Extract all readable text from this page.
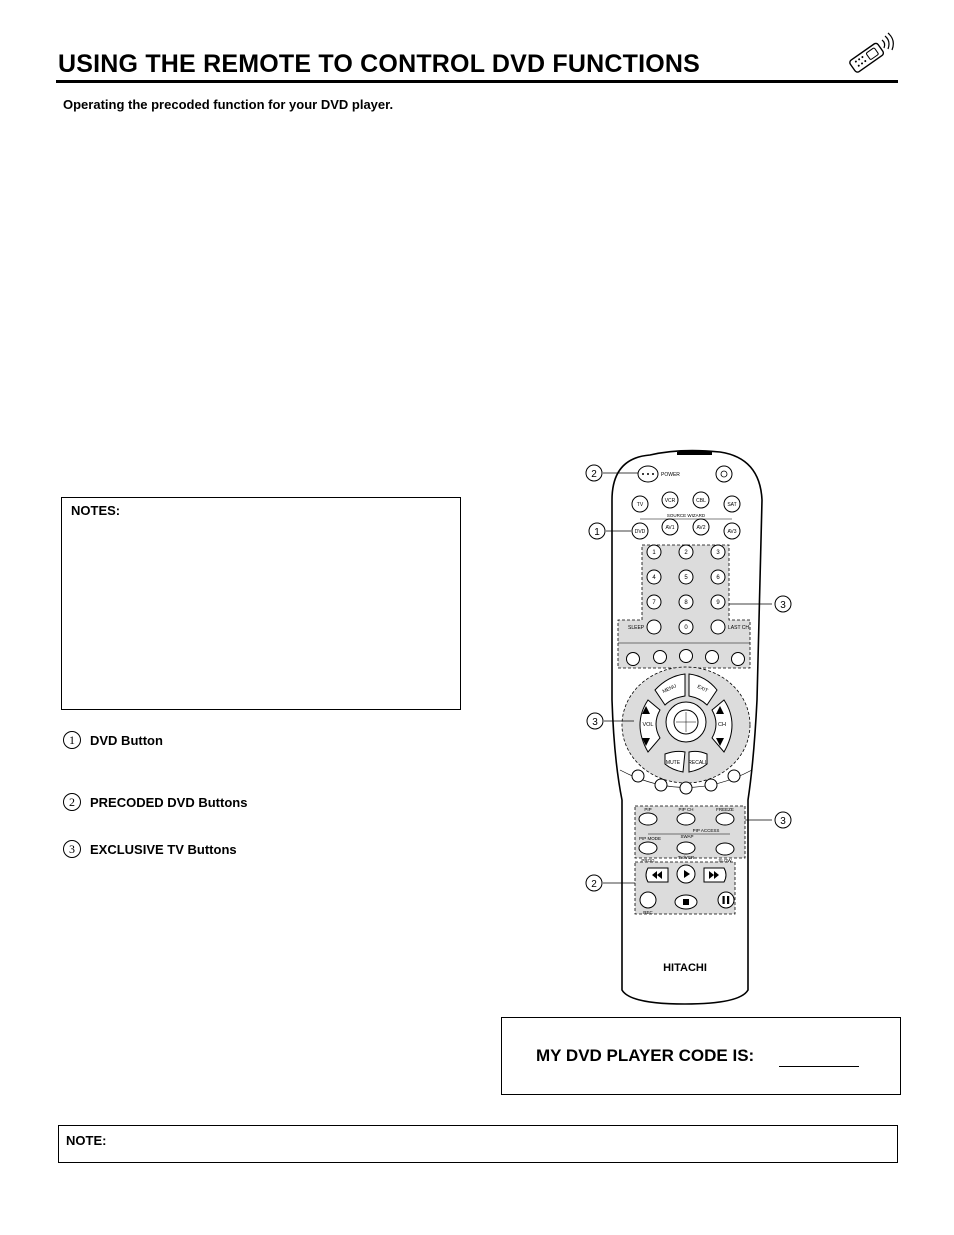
USING THE REMOTE TO CONTROL DVD FUNCTIONS
Operating the precoded function for your DVD player.
NOTES:
1	DVD Button
2	PRECODED DVD Buttons
3	EXCLUSIVE TV Buttons
POWER
TV
VCR	CBL
SAT
SOURCE WIZARD
DVD
AV1	AV2
AV3
1	2	3
4	5	6
7	8	9
SLEEP	0	LAST CH
MENU	EXIT
VOL	CH
MUTE RECALL
PIP	PIP CH	FREEZE
PIP ACCESS
PIP MODE	SWAP
PROG
TV/VCR
SLOW
REC
HITACHI
2
1
3
3
3
2
MY DVD PLAYER CODE IS:
NOTE:
